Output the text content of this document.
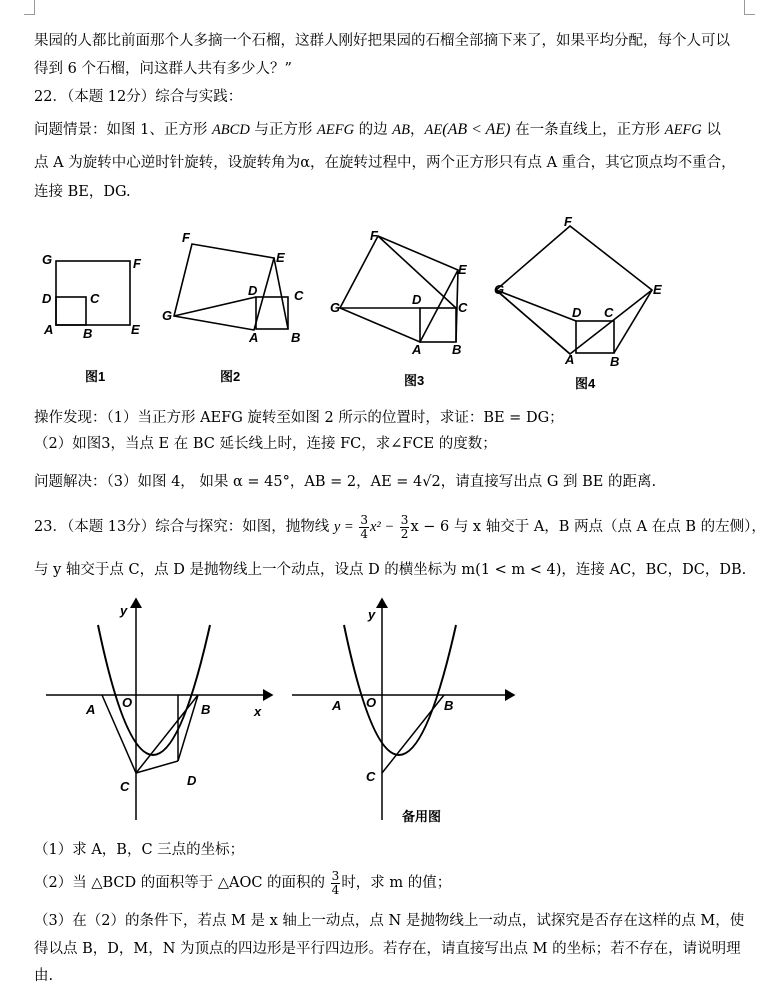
果园的人都比前面那个人多摘一个石榴，这群人刚好把果园的石榴全部摘下来了，如果平均分配，每个人可以
得到 6 个石榴，问这群人共有多少人？”
22．（本题 12分）综合与实践：
问题情景：如图 1、正方形 ABCD 与正方形 AEFG 的边 AB，AE(AB < AE) 在一条直线上，正方形 AEFG 以
点 A 为旋转中心逆时针旋转，设旋转角为α，在旋转过程中，两个正方形只有点 A 重合，其它顶点均不重合，
连接 BE，DG.
G	F
D	C
A B	E
F
E
D	C
G
A	B
F
E
G
D
C
A B
F
G	E
D C
A	B
图1	图2	图3	图4
操作发现：（1）当正方形 AEFG 旋转至如图 2 所示的位置时，求证：BE = DG；
（2）如图3，当点 E 在 BC 延长线上时，连接 FC，求∠FCE 的度数；
问题解决：（3）如图 4， 如果 α = 45°，AB = 2，AE = 4√2，请直接写出点 G 到 BE 的距离.
23．（本题 13分）综合与探究：如图，抛物线 $y = \frac{3}{4} x^2 - \frac{3}{2}$ x − 6 与 x 轴交于 A，B 两点（点 A 在点 B 的左侧），
与 y 轴交于点 C，点 D 是抛物线上一个动点，设点 D 的横坐标为 m(1 < m < 4)，连接 AC，BC，DC，DB.
y
A O	B	x
C	D
y
A O	B
C
备用图
（1）求 A，B，C 三点的坐标；
（2）当 △BCD 的面积等于 △AOC 的面积的 $\frac{3}{4}$ 时，求 m 的值；
（3）在（2）的条件下，若点 M 是 x 轴上一动点，点 N 是抛物线上一动点，试探究是否存在这样的点 M，使
得以点 B，D，M，N 为顶点的四边形是平行四边形。若存在，请直接写出点 M 的坐标；若不存在，请说明理
由.
